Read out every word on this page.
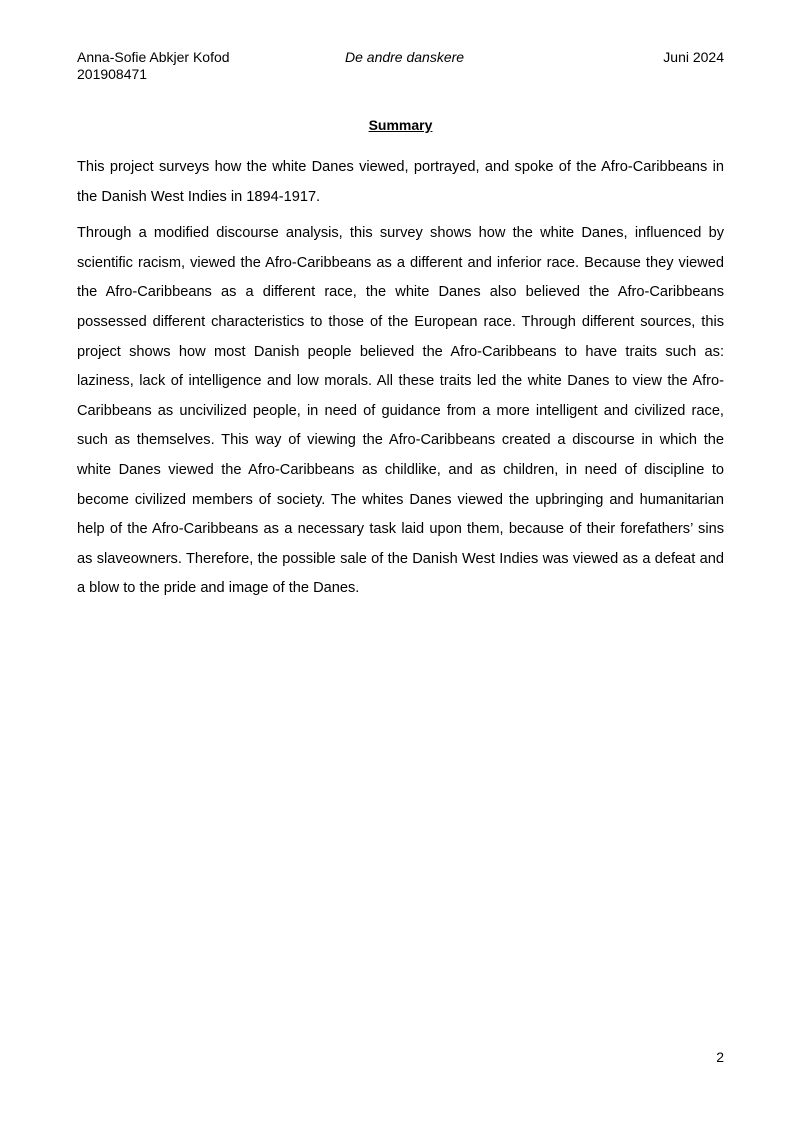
Anna-Sofie Abkjer Kofod
201908471
De andre danskere	Juni 2024
Summary

This project surveys how the white Danes viewed, portrayed, and spoke of the Afro-Caribbeans in the Danish West Indies in 1894-1917.

Through a modified discourse analysis, this survey shows how the white Danes, influenced by scientific racism, viewed the Afro-Caribbeans as a different and inferior race. Because they viewed the Afro-Caribbeans as a different race, the white Danes also believed the Afro-Caribbeans possessed different characteristics to those of the European race. Through different sources, this project shows how most Danish people believed the Afro-Caribbeans to have traits such as: laziness, lack of intelligence and low morals. All these traits led the white Danes to view the Afro-Caribbeans as uncivilized people, in need of guidance from a more intelligent and civilized race, such as themselves. This way of viewing the Afro-Caribbeans created a discourse in which the white Danes viewed the Afro-Caribbeans as childlike, and as children, in need of discipline to become civilized members of society. The whites Danes viewed the upbringing and humanitarian help of the Afro-Caribbeans as a necessary task laid upon them, because of their forefathers’ sins as slaveowners. Therefore, the possible sale of the Danish West Indies was viewed as a defeat and a blow to the pride and image of the Danes.

2
